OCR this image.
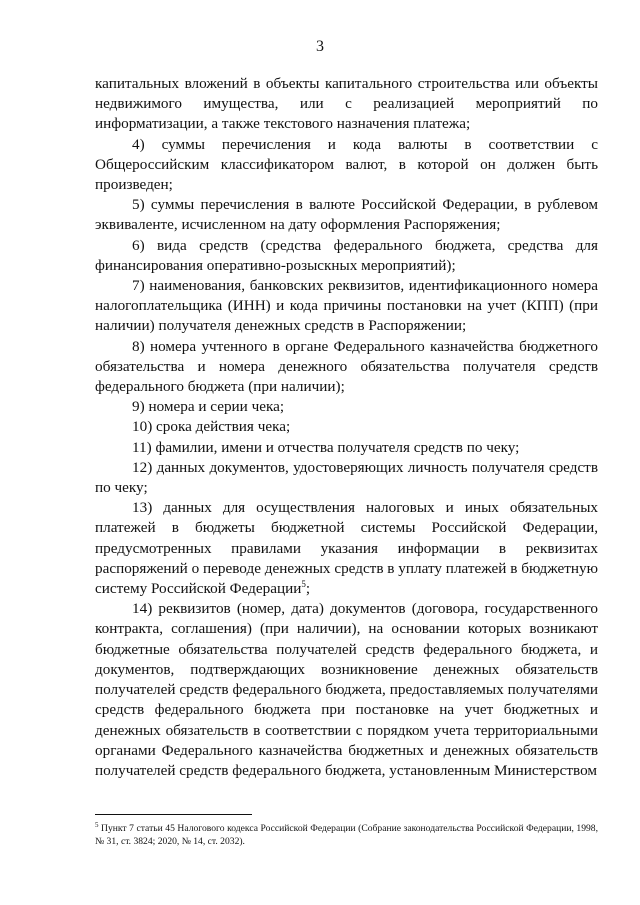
3

капитальных вложений в объекты капитального строительства или объекты недвижимого имущества, или с реализацией мероприятий по информатизации, а также текстового назначения платежа;

4) суммы перечисления и кода валюты в соответствии с Общероссийским классификатором валют, в которой он должен быть произведен;

5) суммы перечисления в валюте Российской Федерации, в рублевом эквиваленте, исчисленном на дату оформления Распоряжения;

6) вида средств (средства федерального бюджета, средства для финансирования оперативно-розыскных мероприятий);

7) наименования, банковских реквизитов, идентификационного номера налогоплательщика (ИНН) и кода причины постановки на учет (КПП) (при наличии) получателя денежных средств в Распоряжении;

8) номера учтенного в органе Федерального казначейства бюджетного обязательства и номера денежного обязательства получателя средств федерального бюджета (при наличии);

9) номера и серии чека;

10) срока действия чека;

11) фамилии, имени и отчества получателя средств по чеку;

12) данных документов, удостоверяющих личность получателя средств по чеку;

13) данных для осуществления налоговых и иных обязательных платежей в бюджеты бюджетной системы Российской Федерации, предусмотренных правилами указания информации в реквизитах распоряжений о переводе денежных средств в уплату платежей в бюджетную систему Российской Федерации$^5$;

14) реквизитов (номер, дата) документов (договора, государственного контракта, соглашения) (при наличии), на основании которых возникают бюджетные обязательства получателей средств федерального бюджета, и документов, подтверждающих возникновение денежных обязательств получателей средств федерального бюджета, предоставляемых получателями средств федерального бюджета при постановке на учет бюджетных и денежных обязательств в соответствии с порядком учета территориальными органами Федерального казначейства бюджетных и денежных обязательств получателей средств федерального бюджета, установленным Министерством

$^5$ Пункт 7 статьи 45 Налогового кодекса Российской Федерации (Собрание законодательства Российской Федерации, 1998, № 31, ст. 3824; 2020, № 14, ст. 2032).
